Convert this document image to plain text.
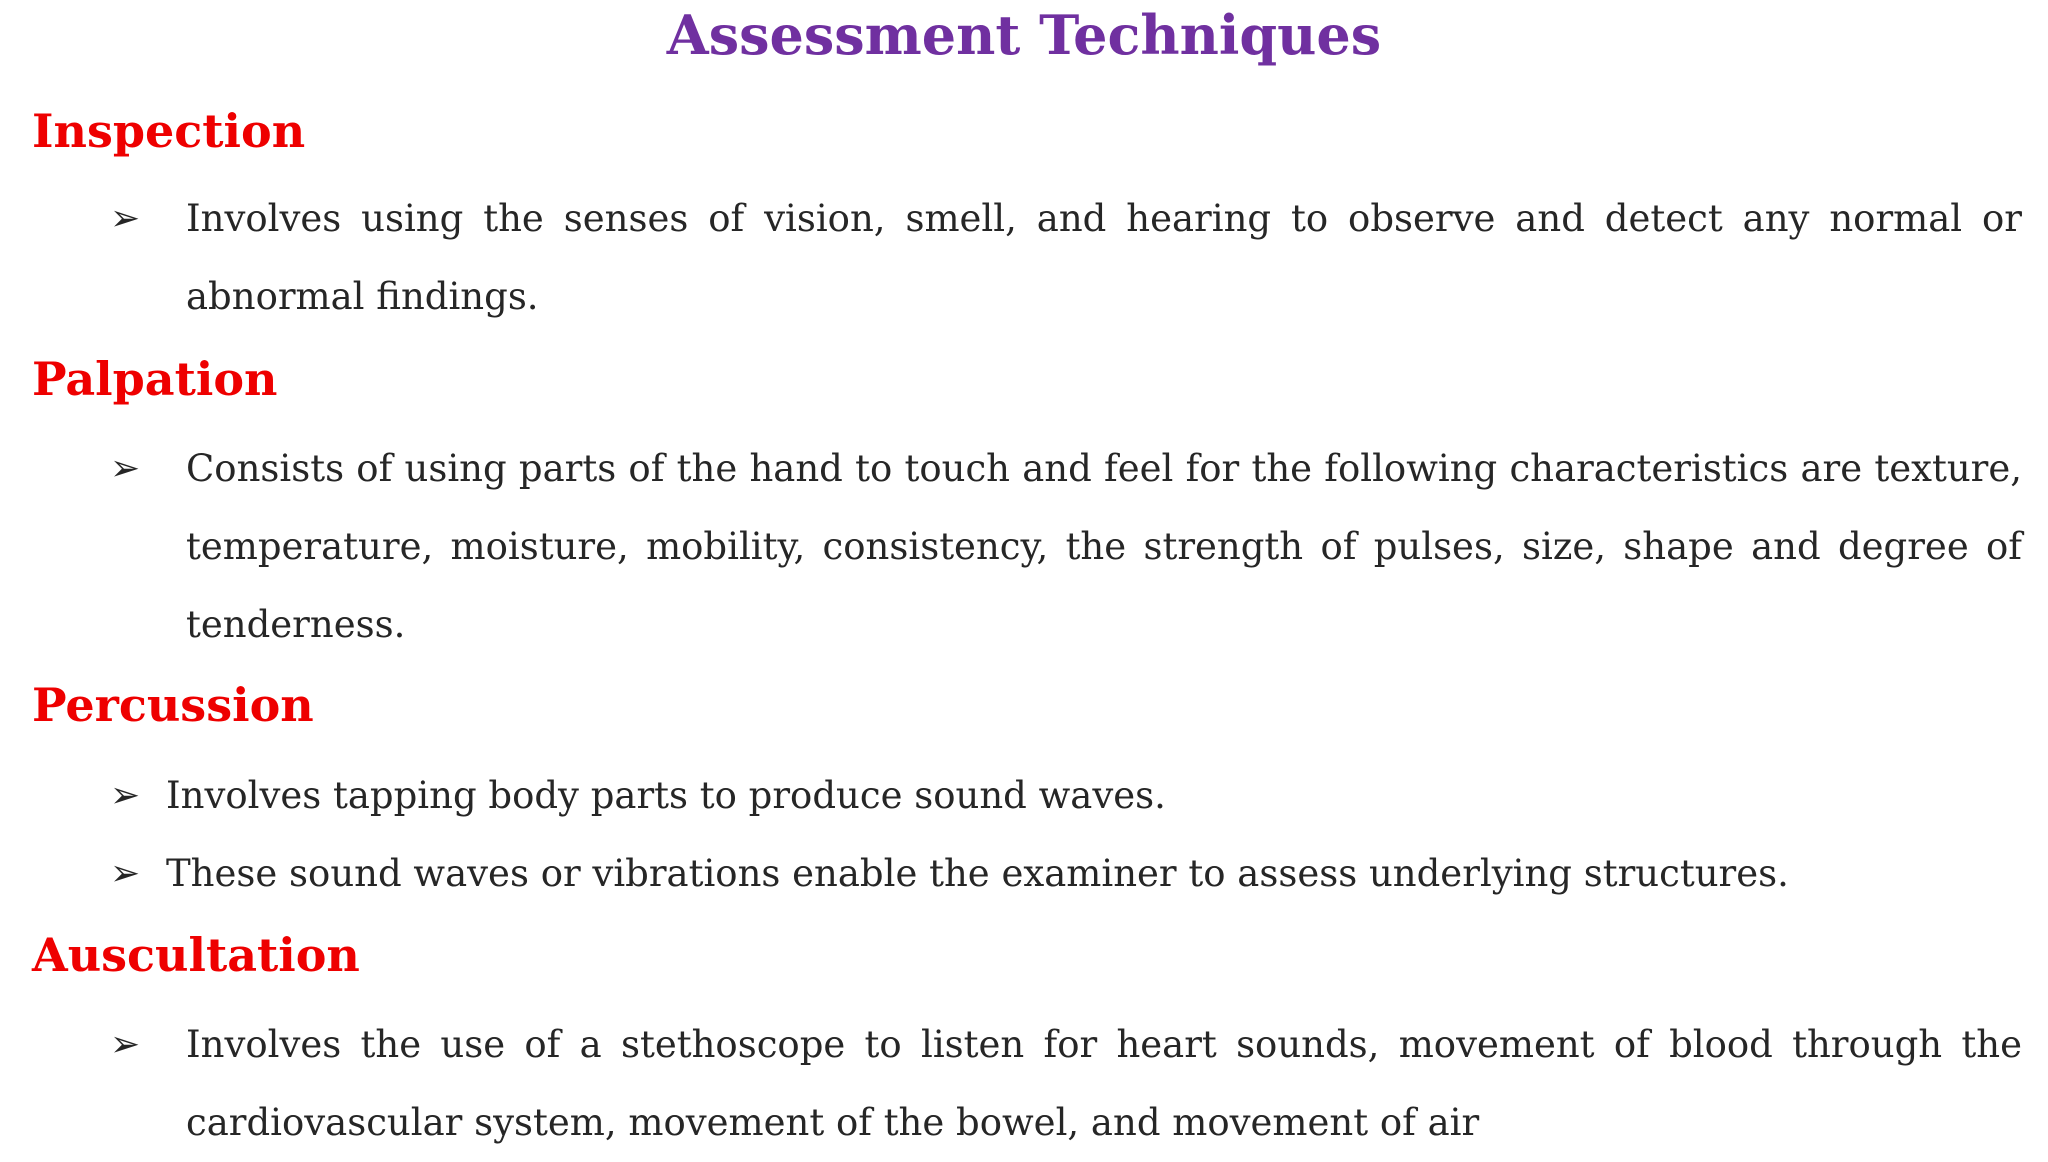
Assessment Techniques
Inspection
➢ Involves using the senses of vision, smell, and hearing to observe and detect any normal or abnormal findings.
Palpation
➢ Consists of using parts of the hand to touch and feel for the following characteristics are texture, temperature, moisture, mobility, consistency, the strength of pulses, size, shape and degree of tenderness.
Percussion
➢ Involves tapping body parts to produce sound waves.
➢ These sound waves or vibrations enable the examiner to assess underlying structures.
Auscultation
➢ Involves the use of a stethoscope to listen for heart sounds, movement of blood through the cardiovascular system, movement of the bowel, and movement of air
